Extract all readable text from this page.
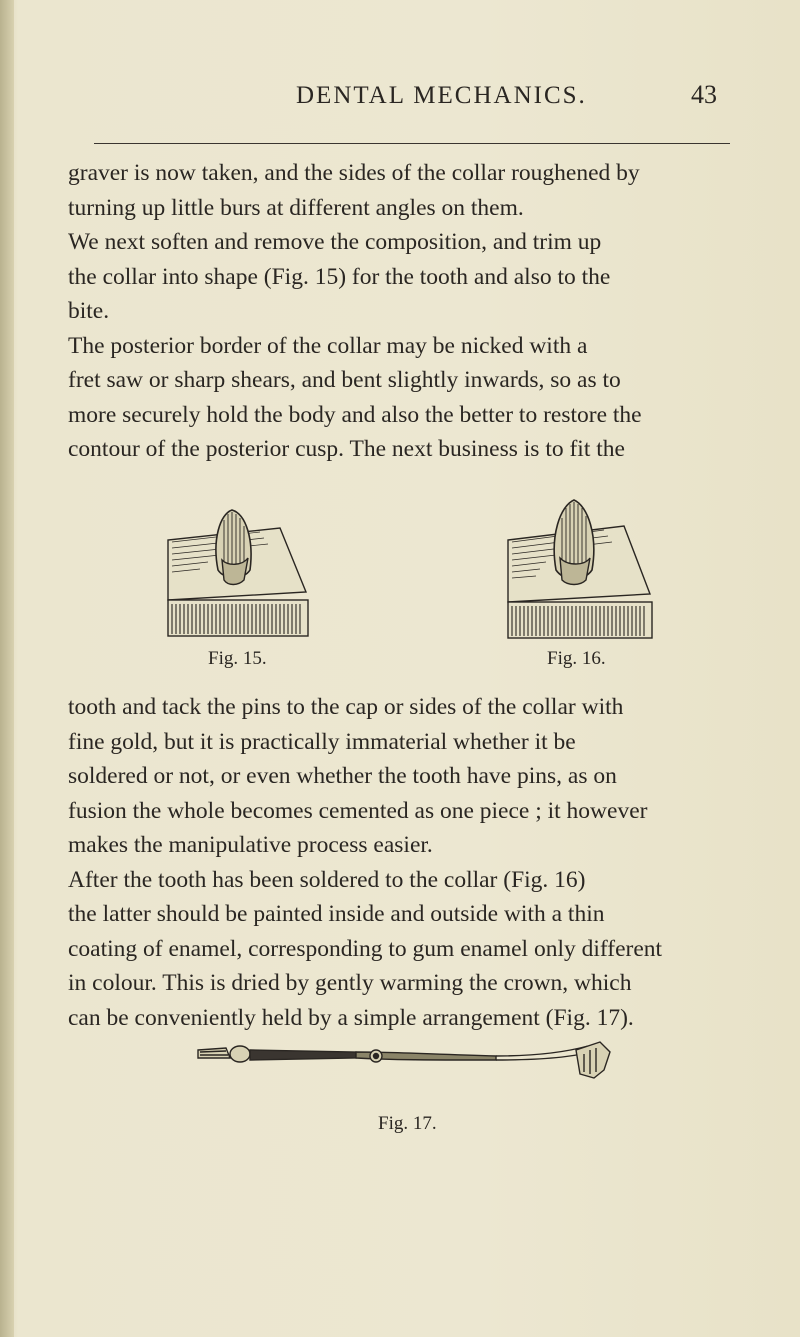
DENTAL MECHANICS.	43

graver is now taken, and the sides of the collar roughened by
turning up little burs at different angles on them.
We next soften and remove the composition, and trim up
the collar into shape (Fig. 15) for the tooth and also to the
bite.
The posterior border of the collar may be nicked with a
fret saw or sharp shears, and bent slightly inwards, so as to
more securely hold the body and also the better to restore the
contour of the posterior cusp. The next business is to fit the

Fig. 15.	Fig. 16.

tooth and tack the pins to the cap or sides of the collar with
fine gold, but it is practically immaterial whether it be
soldered or not, or even whether the tooth have pins, as on
fusion the whole becomes cemented as one piece ; it however
makes the manipulative process easier.
After the tooth has been soldered to the collar (Fig. 16)
the latter should be painted inside and outside with a thin
coating of enamel, corresponding to gum enamel only different
in colour. This is dried by gently warming the crown, which
can be conveniently held by a simple arrangement (Fig. 17).

Fig. 17.
